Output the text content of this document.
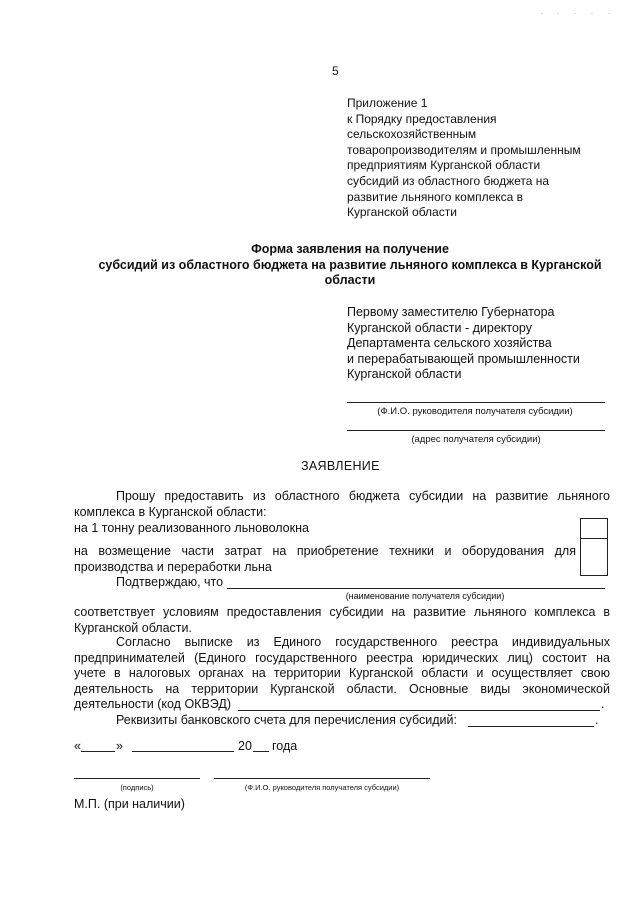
· · · · ·
5
Приложение 1
к Порядку предоставления
сельскохозяйственным
товаропроизводителям и промышленным
предприятиям Курганской области
субсидий из областного бюджета на
развитие льняного комплекса в
Курганской области
Форма заявления на получение
субсидий из областного бюджета на развитие льняного комплекса в Курганской
области
Первому заместителю Губернатора
Курганской области - директору
Департамента сельского хозяйства
и перерабатывающей промышленности
Курганской области
(Ф.И.О. руководителя получателя субсидии)
(адрес получателя субсидии)
ЗАЯВЛЕНИЕ
Прошу предоставить из областного бюджета субсидии на развитие льняного
комплекса в Курганской области:
на 1 тонну реализованного льноволокна
на возмещение части затрат на приобретение техники и оборудования для
производства и переработки льна
Подтверждаю, что
(наименование получателя субсидии)
соответствует условиям предоставления субсидии на развитие льняного комплекса в
Курганской области.
Согласно выписке из Единого государственного реестра индивидуальных
предпринимателей (Единого государственного реестра юридических лиц) состоит на
учете в налоговых органах на территории Курганской области и осуществляет свою
деятельность на территории Курганской области. Основные виды экономической
деятельности (код ОКВЭД)	.
Реквизиты банковского счета для перечисления субсидий:	.
«	»	20 года
(подпись)	(Ф.И.О. руководителя получателя субсидии)
М.П. (при наличии)
